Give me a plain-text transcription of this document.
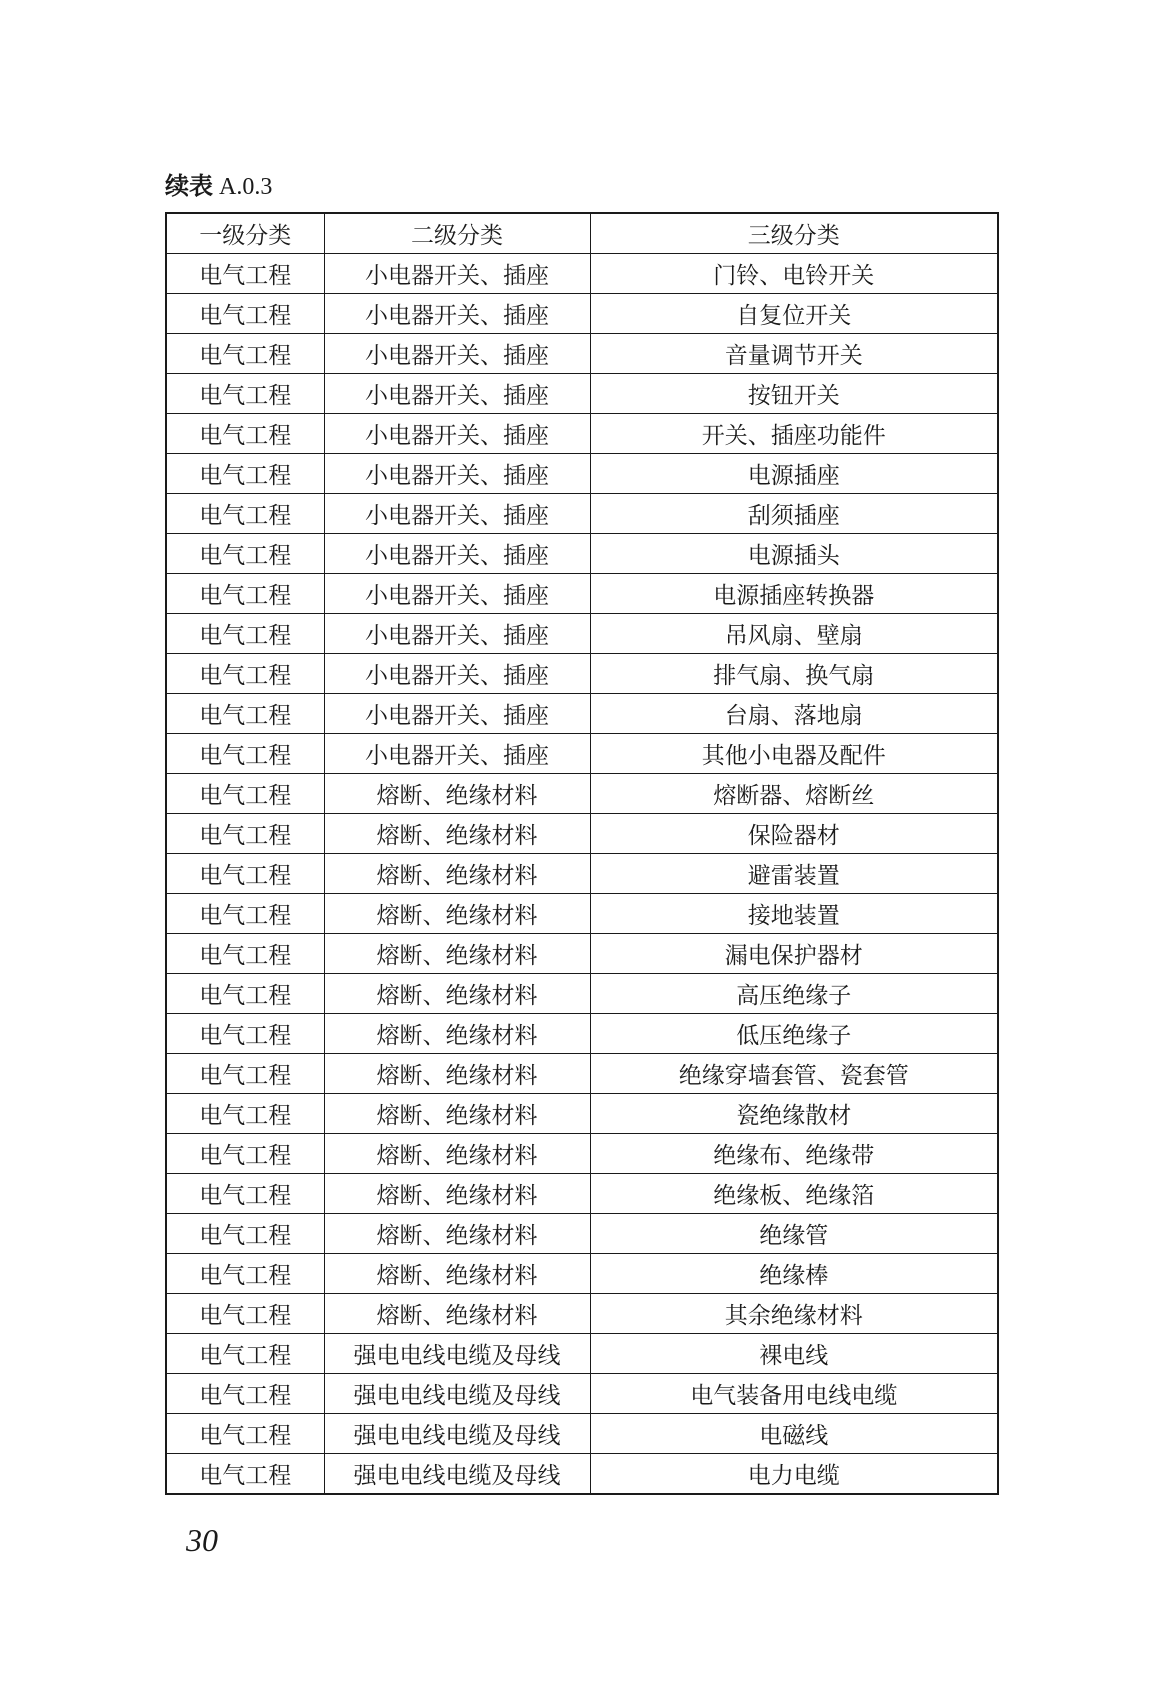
续表 A.0.3
一级分类	二级分类	三级分类
电气工程	小电器开关、插座	门铃、电铃开关
电气工程	小电器开关、插座	自复位开关
电气工程	小电器开关、插座	音量调节开关
电气工程	小电器开关、插座	按钮开关
电气工程	小电器开关、插座	开关、插座功能件
电气工程	小电器开关、插座	电源插座
电气工程	小电器开关、插座	刮须插座
电气工程	小电器开关、插座	电源插头
电气工程	小电器开关、插座	电源插座转换器
电气工程	小电器开关、插座	吊风扇、壁扇
电气工程	小电器开关、插座	排气扇、换气扇
电气工程	小电器开关、插座	台扇、落地扇
电气工程	小电器开关、插座	其他小电器及配件
电气工程	熔断、绝缘材料	熔断器、熔断丝
电气工程	熔断、绝缘材料	保险器材
电气工程	熔断、绝缘材料	避雷装置
电气工程	熔断、绝缘材料	接地装置
电气工程	熔断、绝缘材料	漏电保护器材
电气工程	熔断、绝缘材料	高压绝缘子
电气工程	熔断、绝缘材料	低压绝缘子
电气工程	熔断、绝缘材料	绝缘穿墙套管、瓷套管
电气工程	熔断、绝缘材料	瓷绝缘散材
电气工程	熔断、绝缘材料	绝缘布、绝缘带
电气工程	熔断、绝缘材料	绝缘板、绝缘箔
电气工程	熔断、绝缘材料	绝缘管
电气工程	熔断、绝缘材料	绝缘棒
电气工程	熔断、绝缘材料	其余绝缘材料
电气工程	强电电线电缆及母线	裸电线
电气工程	强电电线电缆及母线	电气装备用电线电缆
电气工程	强电电线电缆及母线	电磁线
电气工程	强电电线电缆及母线	电力电缆
30
